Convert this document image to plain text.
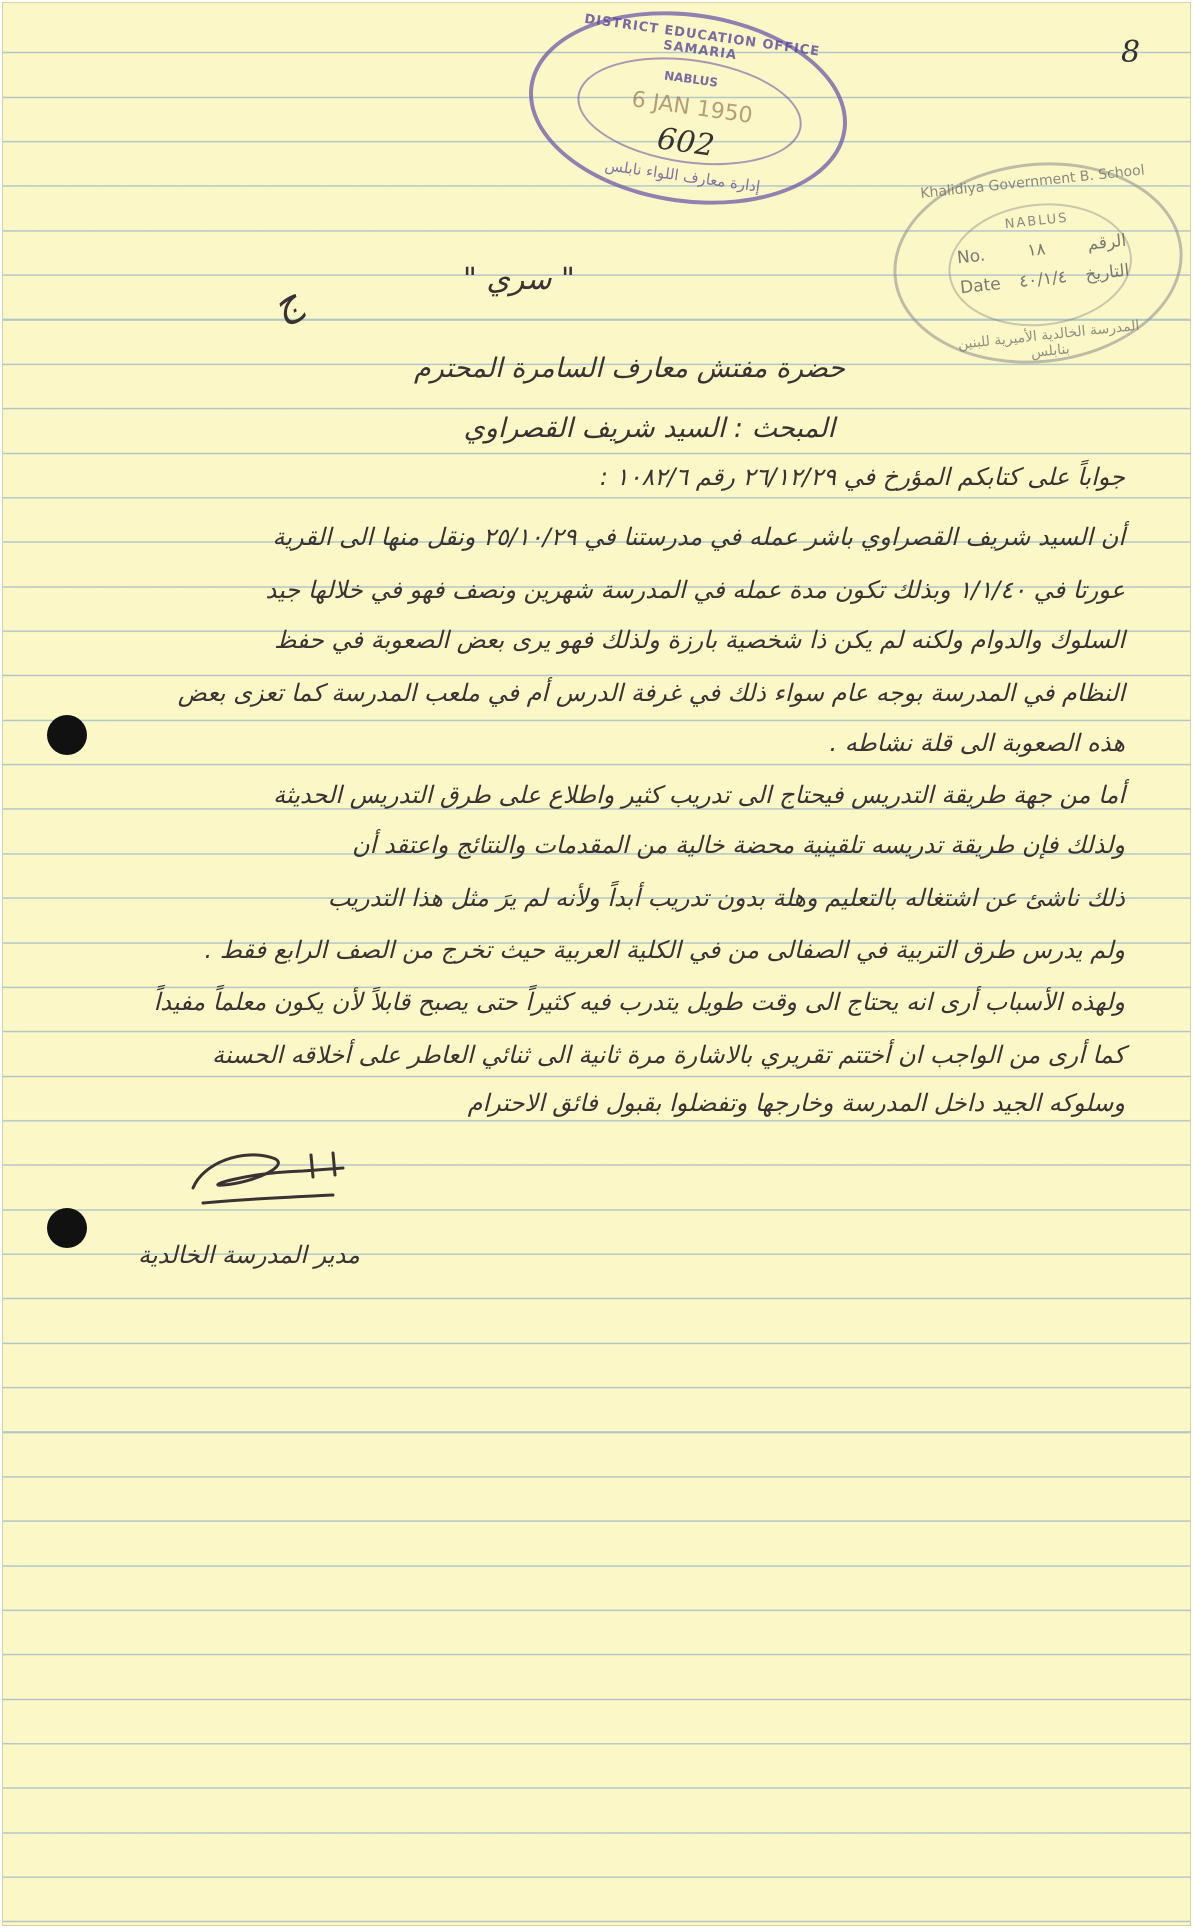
8
DISTRICT EDUCATION OFFICE SAMARIA
NABLUS
6 JAN 1950
602
إدارة معارف اللواء نابلس	Khalidiya Government B. School
NABLUS
No. ١٨ الرقم
Date ٤٠/١/٤ التاريخ
المدرسة الخالدية الأميرية للبنين بنابلس
" سري "
ج
حضرة مفتش معارف السامرة المحترم
المبحث : السيد شريف القصراوي
جواباً على كتابكم المؤرخ في ٢٦/١٢/٢٩ رقم ١٠٨٢/٦ :
أن السيد شريف القصراوي باشر عمله في مدرستنا في ٢٥/١٠/٢٩ ونقل منها الى القرية
عورتا في ١/١/٤٠ وبذلك تكون مدة عمله في المدرسة شهرين ونصف فهو في خلالها جيد
السلوك والدوام ولكنه لم يكن ذا شخصية بارزة ولذلك فهو يرى بعض الصعوبة في حفظ
النظام في المدرسة بوجه عام سواء ذلك في غرفة الدرس أم في ملعب المدرسة كما تعزى بعض
هذه الصعوبة الى قلة نشاطه .
أما من جهة طريقة التدريس فيحتاج الى تدريب كثير واطلاع على طرق التدريس الحديثة
ولذلك فإن طريقة تدريسه تلقينية محضة خالية من المقدمات والنتائج واعتقد أن
ذلك ناشئ عن اشتغاله بالتعليم وهلة بدون تدريب أبداً ولأنه لم يرَ مثل هذا التدريب
ولم يدرس طرق التربية في الصفالى من في الكلية العربية حيث تخرج من الصف الرابع فقط .
ولهذه الأسباب أرى انه يحتاج الى وقت طويل يتدرب فيه كثيراً حتى يصبح قابلاً لأن يكون معلماً مفيداً
كما أرى من الواجب ان أختتم تقريري بالاشارة مرة ثانية الى ثنائي العاطر على أخلاقه الحسنة
وسلوكه الجيد داخل المدرسة وخارجها وتفضلوا بقبول فائق الاحترام
مدير المدرسة الخالدية
